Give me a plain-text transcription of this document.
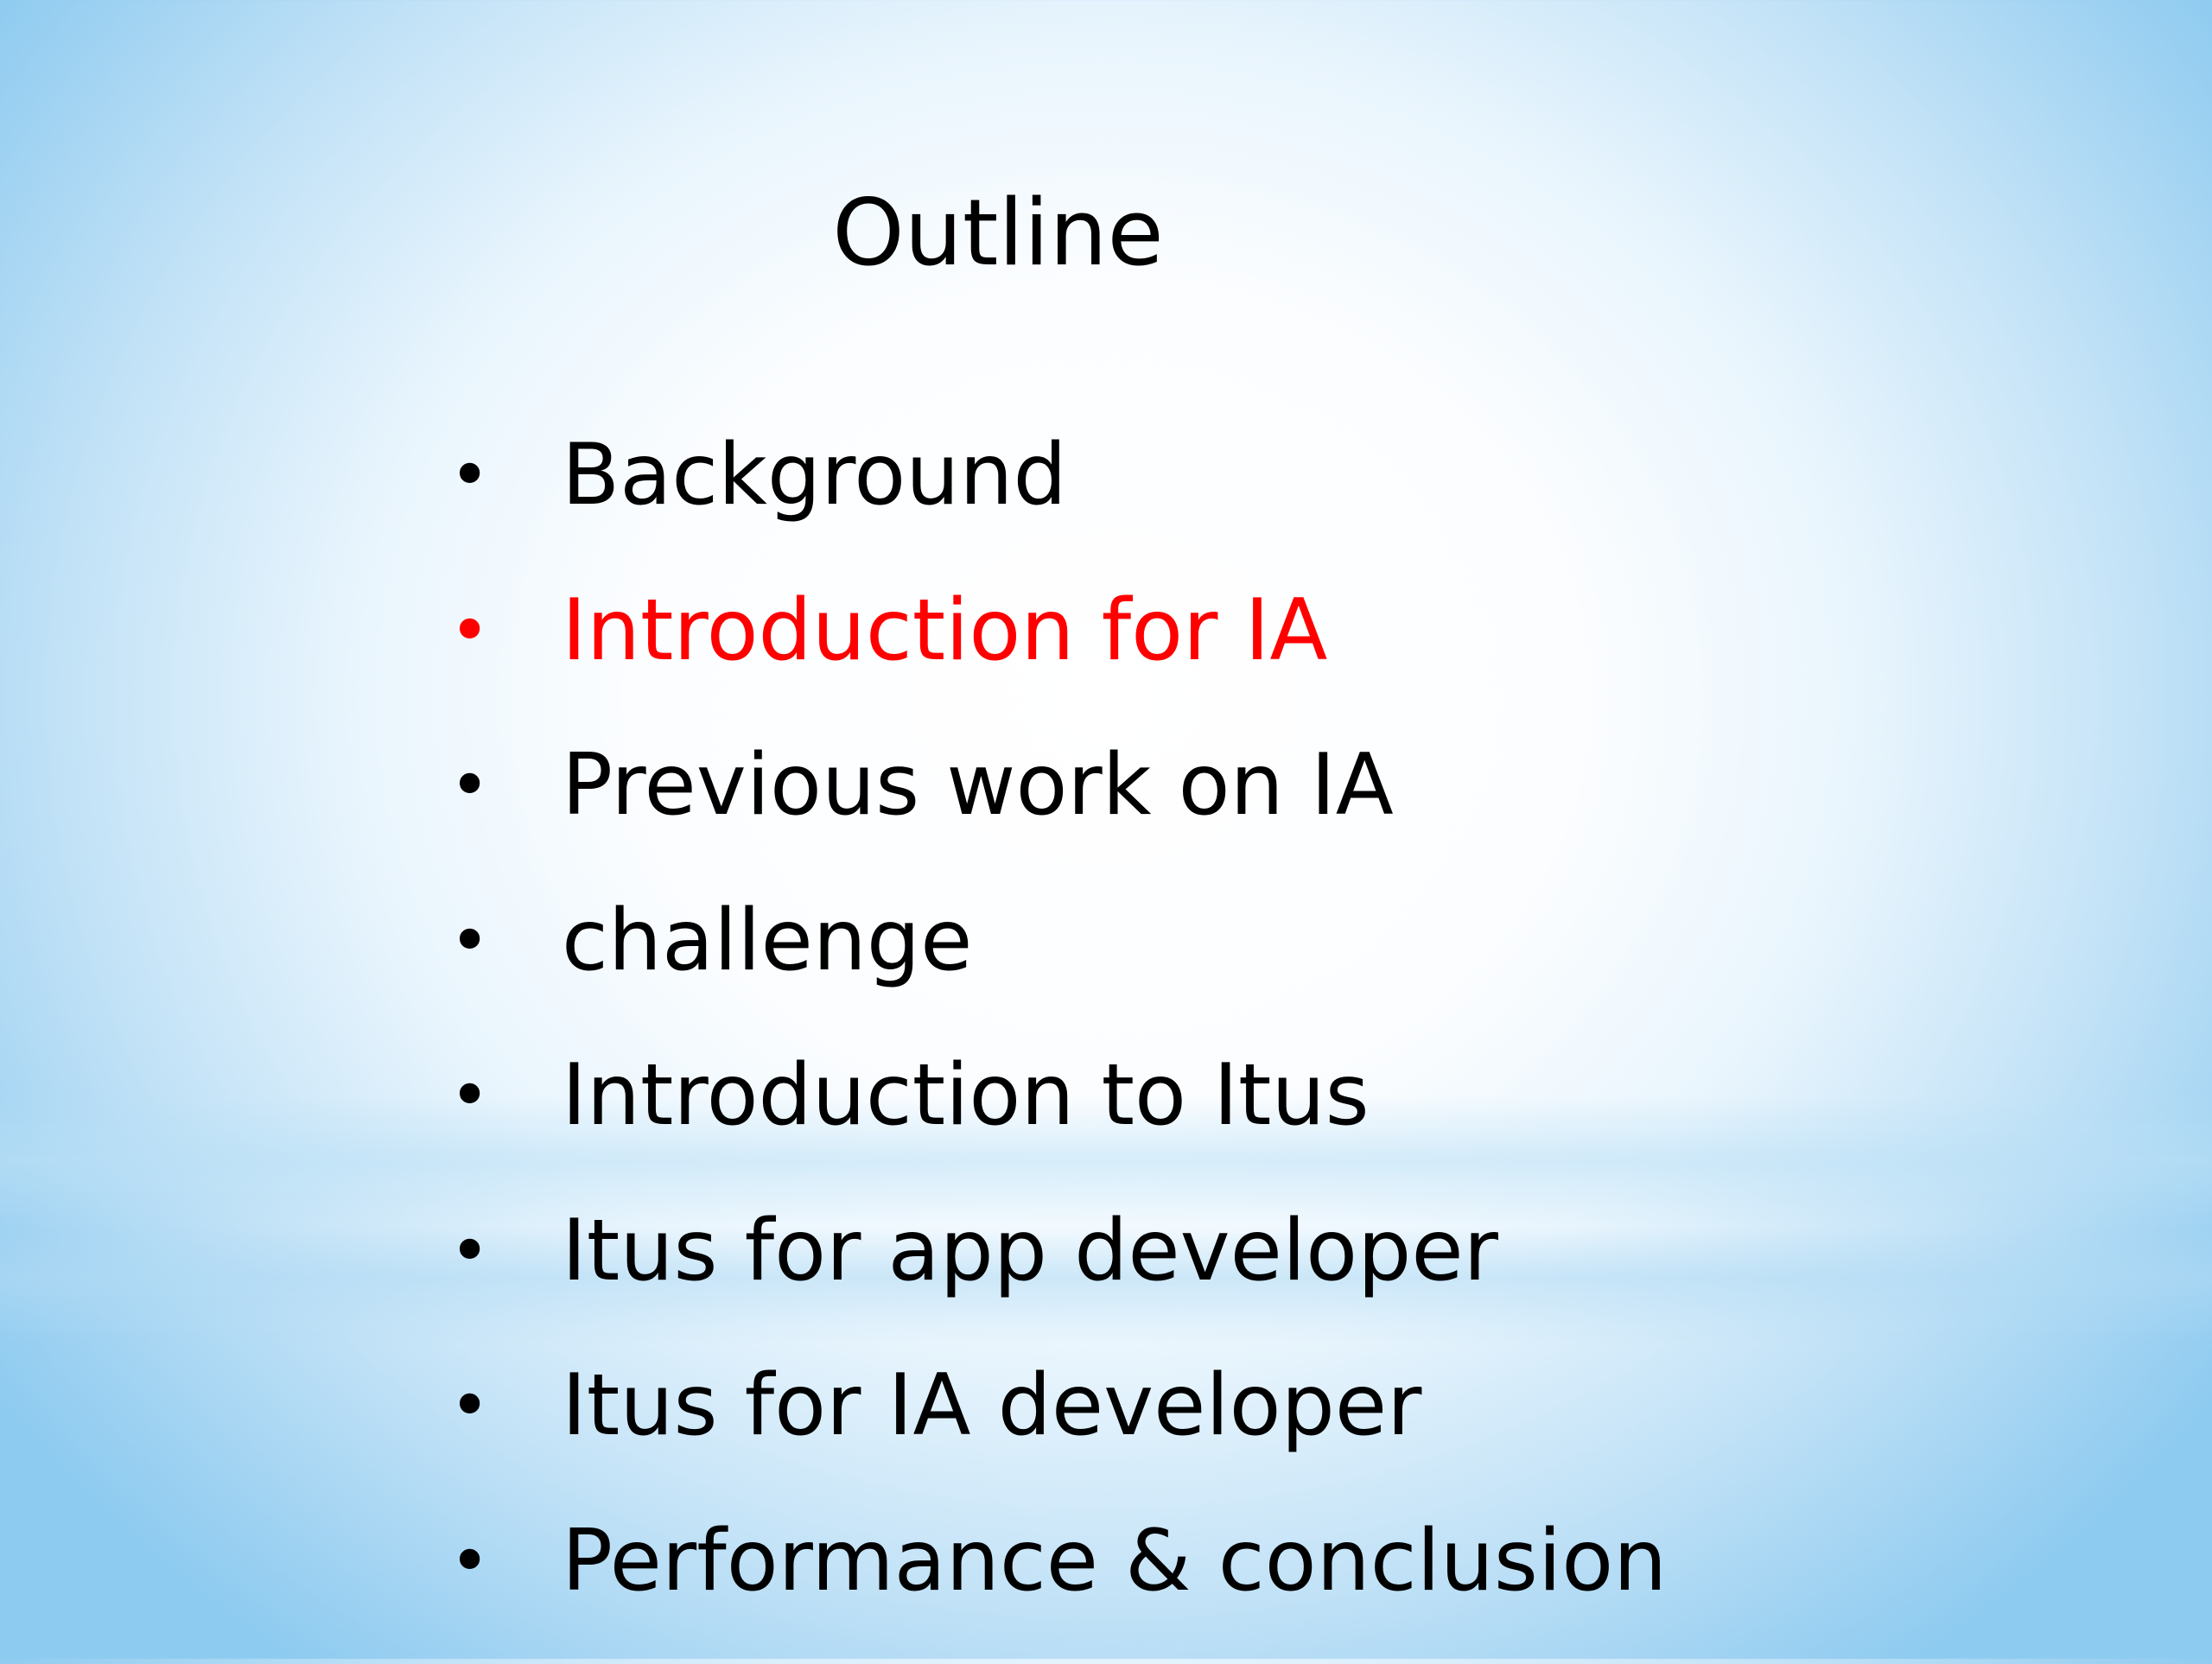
Outline
• Background
• Introduction for IA
• Previous work on IA
• challenge
• Introduction to Itus
• Itus for app developer
• Itus for IA developer
• Performance & conclusion
